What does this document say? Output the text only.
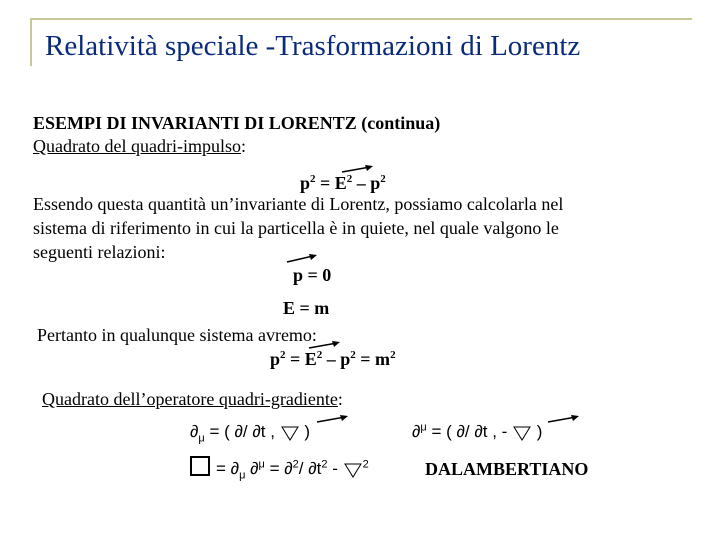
Relatività speciale -Trasformazioni di Lorentz
ESEMPI DI INVARIANTI DI LORENTZ (continua)
Quadrato del quadri-impulso:
$p^2 = E^2 - p^2$
Essendo questa quantità un’invariante di Lorentz, possiamo calcolarla nel
sistema di riferimento in cui la particella è in quiete, nel quale valgono le
seguenti relazioni:
p = 0
E = m
Pertanto in qualunque sistema avremo:
$p^2 = E^2 - p^2 = m^2$
Quadrato dell’operatore quadri-gradiente:
$\partial_\mu$ = ( ∂/ ∂t , )	∂$^\mu$ = ( ∂/ ∂t , - )
= $\partial_\mu$ ∂$^\mu$ = ∂$^2$/ $\partial t^2 - ^2$	DALAMBERTIANO
